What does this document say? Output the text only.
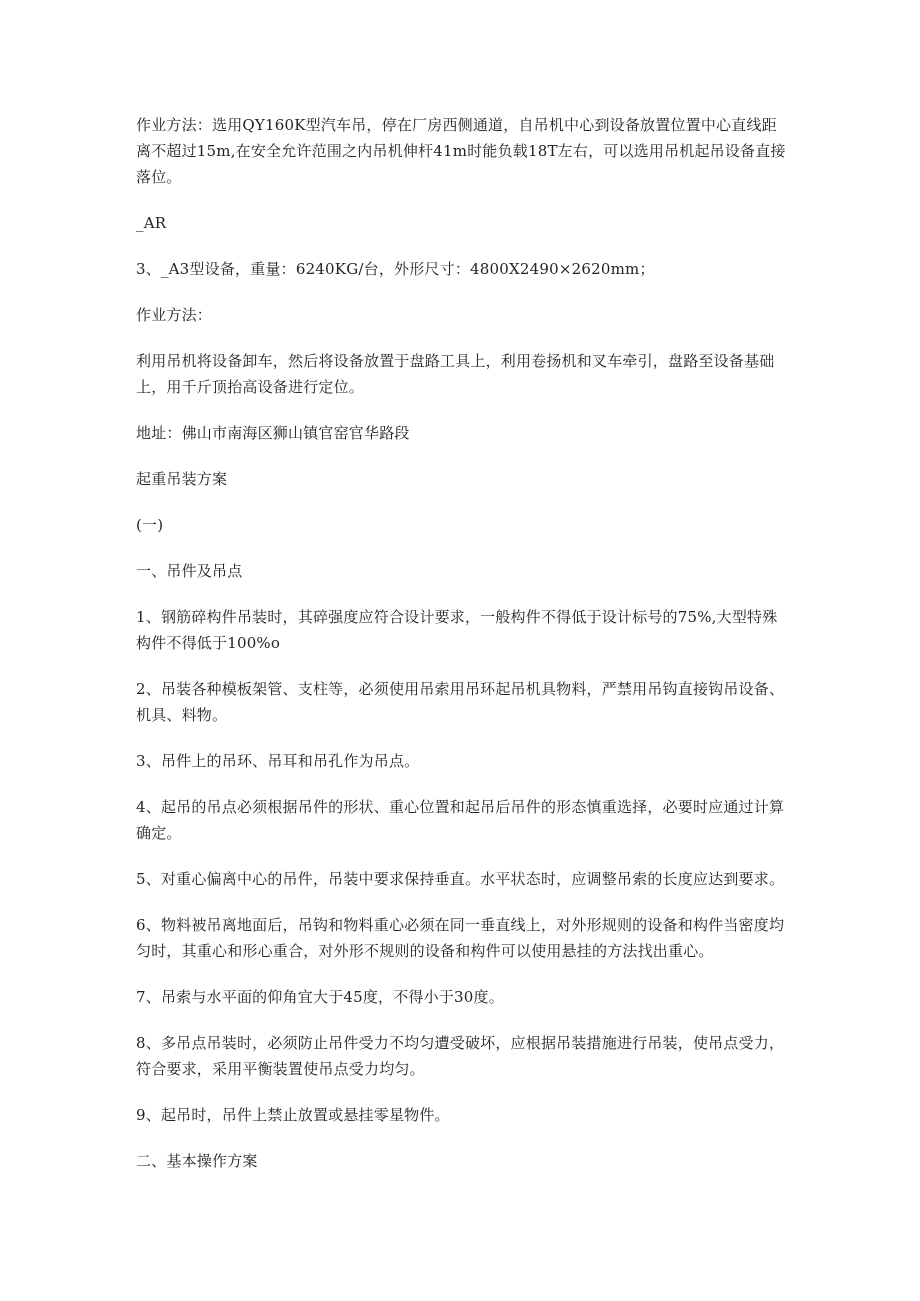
作业方法：选用QY160K型汽车吊，停在厂房西侧通道，自吊机中心到设备放置位置中心直线距离不超过15m,在安全允许范围之内吊机伸杆41m时能负载18T左右，可以选用吊机起吊设备直接落位。

_AR

3、_A3型设备，重量：6240KG/台，外形尺寸：4800X2490×2620mm；

作业方法：

利用吊机将设备卸车，然后将设备放置于盘路工具上，利用卷扬机和叉车牵引，盘路至设备基础上，用千斤顶抬高设备进行定位。

地址：佛山市南海区狮山镇官窑官华路段

起重吊装方案

(一)

一、吊件及吊点

1、钢筋碎构件吊装时，其碎强度应符合设计要求，一般构件不得低于设计标号的75%,大型特殊构件不得低于100%o

2、吊装各种模板架管、支柱等，必须使用吊索用吊环起吊机具物料，严禁用吊钩直接钩吊设备、机具、料物。

3、吊件上的吊环、吊耳和吊孔作为吊点。

4、起吊的吊点必须根据吊件的形状、重心位置和起吊后吊件的形态慎重选择，必要时应通过计算确定。

5、对重心偏离中心的吊件，吊装中要求保持垂直。水平状态时，应调整吊索的长度应达到要求。

6、物料被吊离地面后，吊钩和物料重心必须在同一垂直线上，对外形规则的设备和构件当密度均匀时，其重心和形心重合，对外形不规则的设备和构件可以使用悬挂的方法找出重心。

7、吊索与水平面的仰角宜大于45度，不得小于30度。

8、多吊点吊装时，必须防止吊件受力不均匀遭受破坏，应根据吊装措施进行吊装，使吊点受力，符合要求，采用平衡装置使吊点受力均匀。

9、起吊时，吊件上禁止放置或悬挂零星物件。

二、基本操作方案
